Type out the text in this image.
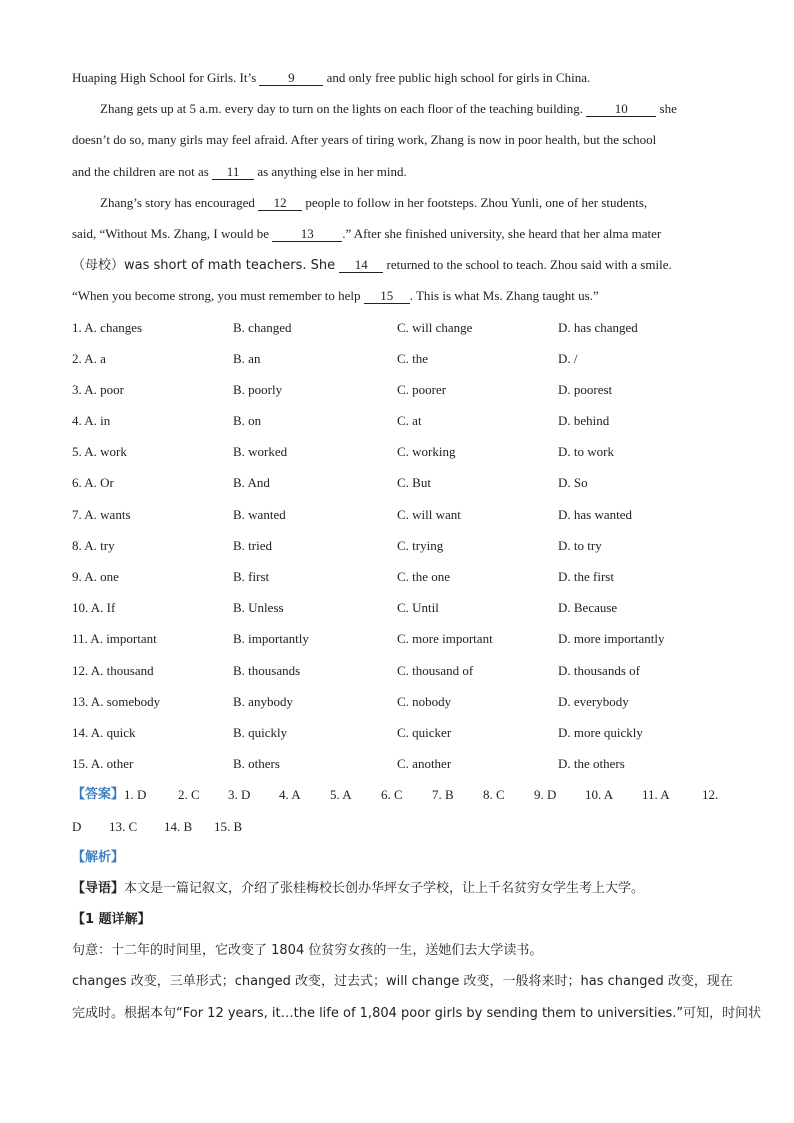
Huaping High School for Girls. It’s 9 and only free public high school for girls in China.
Zhang gets up at 5 a.m. every day to turn on the lights on each floor of the teaching building. 10 she
doesn’t do so, many girls may feel afraid. After years of tiring work, Zhang is now in poor health, but the school
and the children are not as 11 as anything else in her mind.
Zhang’s story has encouraged 12 people to follow in her footsteps. Zhou Yunli, one of her students,
said, “Without Ms. Zhang, I would be 13 .” After she finished university, she heard that her alma mater
（母校）was short of math teachers. She 14 returned to the school to teach. Zhou said with a smile.
“When you become strong, you must remember to help 15 . This is what Ms. Zhang taught us.”
1. A. changes	B. changed	C. will change	D. has changed
2. A. a	B. an	C. the	D. /
3. A. poor	B. poorly	C. poorer	D. poorest
4. A. in	B. on	C. at	D. behind
5. A. work	B. worked	C. working	D. to work
6. A. Or	B. And	C. But	D. So
7. A. wants	B. wanted	C. will want	D. has wanted
8. A. try	B. tried	C. trying	D. to try
9. A. one	B. first	C. the one	D. the first
10. A. If	B. Unless	C. Until	D. Because
11. A. important	B. importantly	C. more important	D. more importantly
12. A. thousand	B. thousands	C. thousand of	D. thousands of
13. A. somebody	B. anybody	C. nobody	D. everybody
14. A. quick	B. quickly	C. quicker	D. more quickly
15. A. other	B. others	C. another	D. the others
【答案】 1. D	2. C	3. D	4. A	5. A	6. C	7. B	8. C	9. D	10. A	11. A	12.
D	13. C	14. B	15. B
【解析】
【导语】本文是一篇记叙文，介绍了张桂梅校长创办华坪女子学校，让上千名贫穷女学生考上大学。
【1 题详解】
句意：十二年的时间里，它改变了 1804 位贫穷女孩的一生，送她们去大学读书。
changes 改变，三单形式；changed 改变，过去式；will change 改变，一般将来时；has changed 改变，现在
完成时。根据本句“For 12 years, it…the life of 1,804 poor girls by sending them to universities.”可知，时间状
